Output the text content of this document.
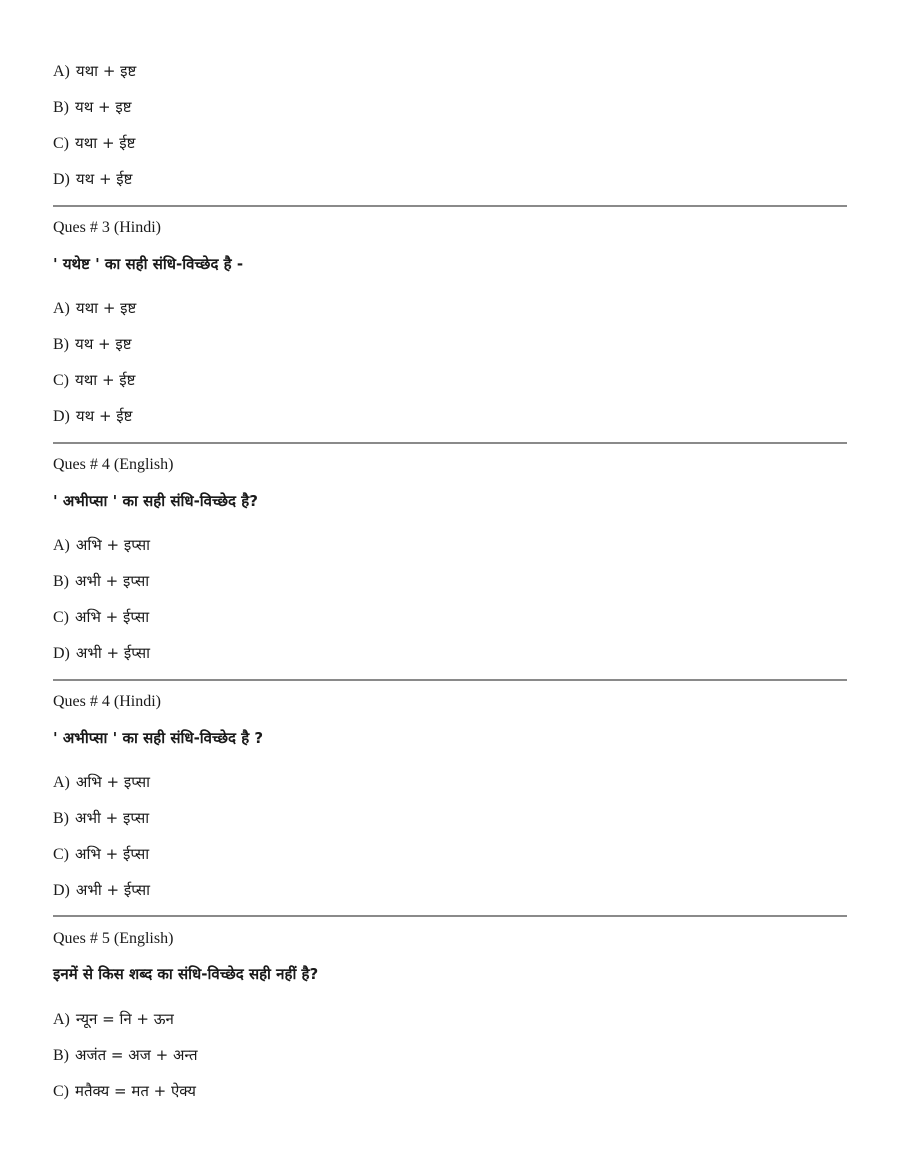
A) यथा + इष्ट
B) यथ + इष्ट
C) यथा + ईष्ट
D) यथ + ईष्ट
Ques # 3 (Hindi)
' यथेष्ट ' का सही संधि-विच्छेद है -
A) यथा + इष्ट
B) यथ + इष्ट
C) यथा + ईष्ट
D) यथ + ईष्ट
Ques # 4 (English)
' अभीप्सा ' का सही संधि-विच्छेद है?
A) अभि + इप्सा
B) अभी + इप्सा
C) अभि + ईप्सा
D) अभी + ईप्सा
Ques # 4 (Hindi)
' अभीप्सा ' का सही संधि-विच्छेद है ?
A) अभि + इप्सा
B) अभी + इप्सा
C) अभि + ईप्सा
D) अभी + ईप्सा
Ques # 5 (English)
इनमें से किस शब्द का संधि-विच्छेद सही नहीं है?
A) न्यून = नि + ऊन
B) अजंत = अज + अन्त
C) मतैक्य = मत + ऐक्य
